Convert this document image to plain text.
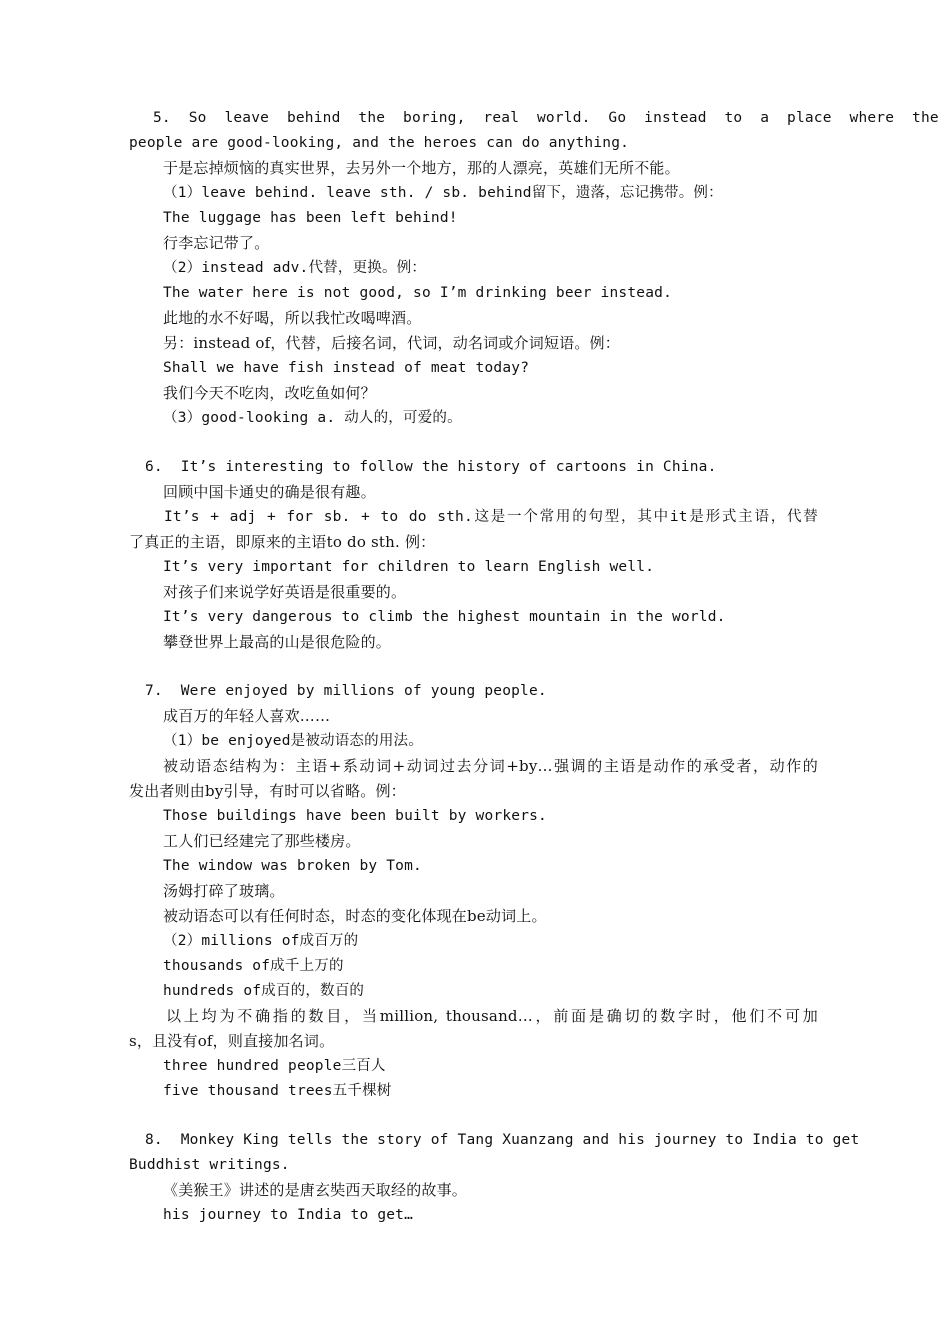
5.  So  leave  behind  the  boring,  real  world.  Go  instead  to  a  place  where  the
people are good-looking, and the heroes can do anything.
于是忘掉烦恼的真实世界，去另外一个地方，那的人漂亮，英雄们无所不能。
（1）leave behind. leave sth. / sb. behind留下，遗落，忘记携带。例：
The luggage has been left behind!
行李忘记带了。
（2）instead adv.代替，更换。例：
The water here is not good, so I’m drinking beer instead.
此地的水不好喝，所以我忙改喝啤酒。
另：instead of，代替，后接名词，代词，动名词或介词短语。例：
Shall we have fish instead of meat today?
我们今天不吃肉，改吃鱼如何？
（3）good-looking a. 动人的，可爱的。
6.  It’s interesting to follow the history of cartoons in China.
回顾中国卡通史的确是很有趣。
It’s + adj + for sb. + to do sth.这是一个常用的句型，其中it是形式主语，代替
了真正的主语，即原来的主语to do sth. 例：
It’s very important for children to learn English well.
对孩子们来说学好英语是很重要的。
It’s very dangerous to climb the highest mountain in the world.
攀登世界上最高的山是很危险的。
7.  Were enjoyed by millions of young people.
成百万的年轻人喜欢……
（1）be enjoyed是被动语态的用法。
被动语态结构为：主语+系动词+动词过去分词+by…强调的主语是动作的承受者，动作的
发出者则由by引导，有时可以省略。例：
Those buildings have been built by workers.
工人们已经建完了那些楼房。
The window was broken by Tom.
汤姆打碎了玻璃。
被动语态可以有任何时态，时态的变化体现在be动词上。
（2）millions of成百万的
thousands of成千上万的
hundreds of成百的，数百的
以上均为不确指的数目，当million, thousand…，前面是确切的数字时，他们不可加
s，且没有of，则直接加名词。
three hundred people三百人
five thousand trees五千棵树
8.  Monkey King tells the story of Tang Xuanzang and his journey to India to get
Buddhist writings.
《美猴王》讲述的是唐玄奘西天取经的故事。
his journey to India to get…
